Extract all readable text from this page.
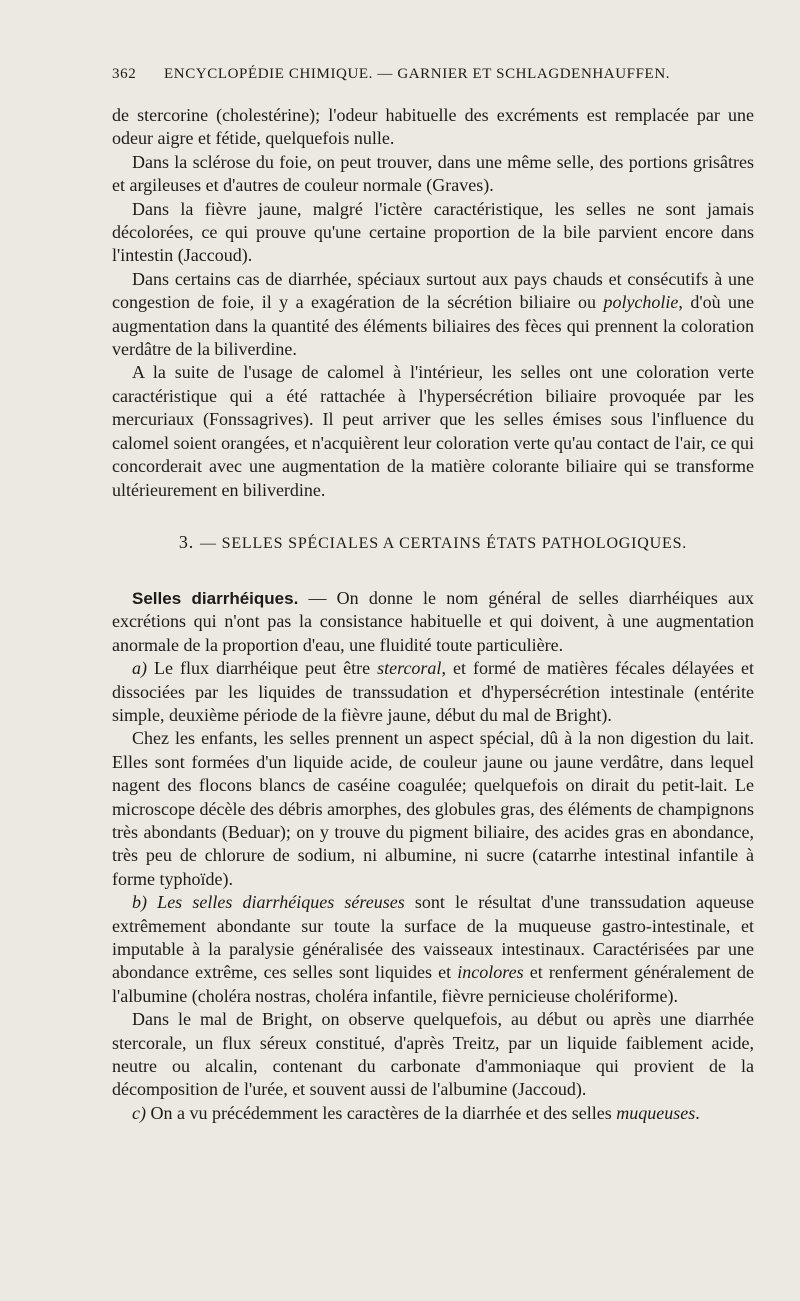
362 ENCYCLOPÉDIE CHIMIQUE. — GARNIER ET SCHLAGDENHAUFFEN.

de stercorine (cholestérine); l'odeur habituelle des excréments est remplacée par une odeur aigre et fétide, quelquefois nulle.

Dans la sclérose du foie, on peut trouver, dans une même selle, des portions grisâtres et argileuses et d'autres de couleur normale (Graves).

Dans la fièvre jaune, malgré l'ictère caractéristique, les selles ne sont jamais décolorées, ce qui prouve qu'une certaine proportion de la bile parvient encore dans l'intestin (Jaccoud).

Dans certains cas de diarrhée, spéciaux surtout aux pays chauds et consécutifs à une congestion de foie, il y a exagération de la sécrétion biliaire ou polycholie, d'où une augmentation dans la quantité des éléments biliaires des fèces qui prennent la coloration verdâtre de la biliverdine.

A la suite de l'usage de calomel à l'intérieur, les selles ont une coloration verte caractéristique qui a été rattachée à l'hypersécrétion biliaire provoquée par les mercuriaux (Fonssagrives). Il peut arriver que les selles émises sous l'influence du calomel soient orangées, et n'acquièrent leur coloration verte qu'au contact de l'air, ce qui concorderait avec une augmentation de la matière colorante biliaire qui se transforme ultérieurement en biliverdine.

3. — SELLES SPÉCIALES A CERTAINS ÉTATS PATHOLOGIQUES.

Selles diarrhéiques. — On donne le nom général de selles diarrhéiques aux excrétions qui n'ont pas la consistance habituelle et qui doivent, à une augmentation anormale de la proportion d'eau, une fluidité toute particulière.

a) Le flux diarrhéique peut être stercoral, et formé de matières fécales délayées et dissociées par les liquides de transsudation et d'hypersécrétion intestinale (entérite simple, deuxième période de la fièvre jaune, début du mal de Bright).

Chez les enfants, les selles prennent un aspect spécial, dû à la non digestion du lait. Elles sont formées d'un liquide acide, de couleur jaune ou jaune verdâtre, dans lequel nagent des flocons blancs de caséine coagulée; quelquefois on dirait du petit-lait. Le microscope décèle des débris amorphes, des globules gras, des éléments de champignons très abondants (Beduar); on y trouve du pigment biliaire, des acides gras en abondance, très peu de chlorure de sodium, ni albumine, ni sucre (catarrhe intestinal infantile à forme typhoïde).

b) Les selles diarrhéiques séreuses sont le résultat d'une transsudation aqueuse extrêmement abondante sur toute la surface de la muqueuse gastro-intestinale, et imputable à la paralysie généralisée des vaisseaux intestinaux. Caractérisées par une abondance extrême, ces selles sont liquides et incolores et renferment généralement de l'albumine (choléra nostras, choléra infantile, fièvre pernicieuse cholériforme).

Dans le mal de Bright, on observe quelquefois, au début ou après une diarrhée stercorale, un flux séreux constitué, d'après Treitz, par un liquide faiblement acide, neutre ou alcalin, contenant du carbonate d'ammoniaque qui provient de la décomposition de l'urée, et souvent aussi de l'albumine (Jaccoud).

c) On a vu précédemment les caractères de la diarrhée et des selles muqueuses.
